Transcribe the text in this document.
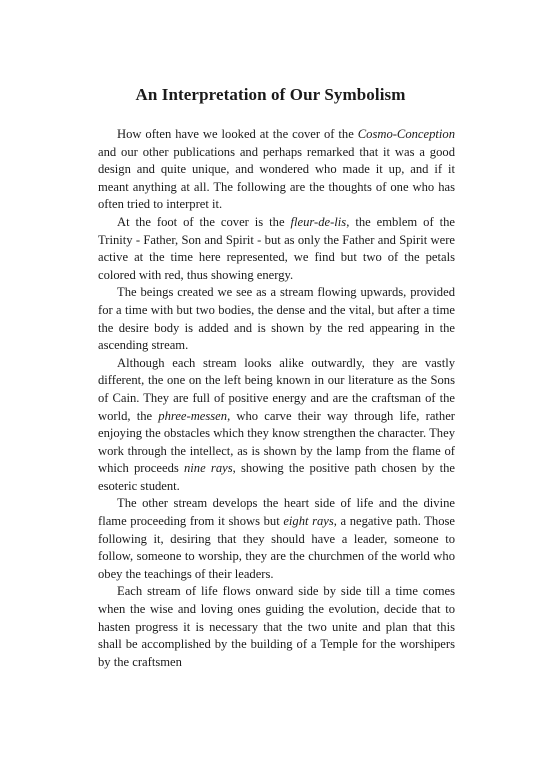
An Interpretation of Our Symbolism

How often have we looked at the cover of the Cosmo-Conception and our other publications and perhaps remarked that it was a good design and quite unique, and wondered who made it up, and if it meant anything at all. The following are the thoughts of one who has often tried to interpret it.

At the foot of the cover is the fleur-de-lis, the emblem of the Trinity - Father, Son and Spirit - but as only the Father and Spirit were active at the time here represented, we find but two of the petals colored with red, thus showing energy.

The beings created we see as a stream flowing upwards, provided for a time with but two bodies, the dense and the vital, but after a time the desire body is added and is shown by the red appearing in the ascending stream.

Although each stream looks alike outwardly, they are vastly different, the one on the left being known in our literature as the Sons of Cain. They are full of positive energy and are the craftsman of the world, the phree-messen, who carve their way through life, rather enjoying the obstacles which they know strengthen the character. They work through the intellect, as is shown by the lamp from the flame of which proceeds nine rays, showing the positive path chosen by the esoteric student.

The other stream develops the heart side of life and the divine flame proceeding from it shows but eight rays, a negative path. Those following it, desiring that they should have a leader, someone to follow, someone to worship, they are the churchmen of the world who obey the teachings of their leaders.

Each stream of life flows onward side by side till a time comes when the wise and loving ones guiding the evolution, decide that to hasten progress it is necessary that the two unite and plan that this shall be accomplished by the building of a Temple for the worshipers by the craftsmen
